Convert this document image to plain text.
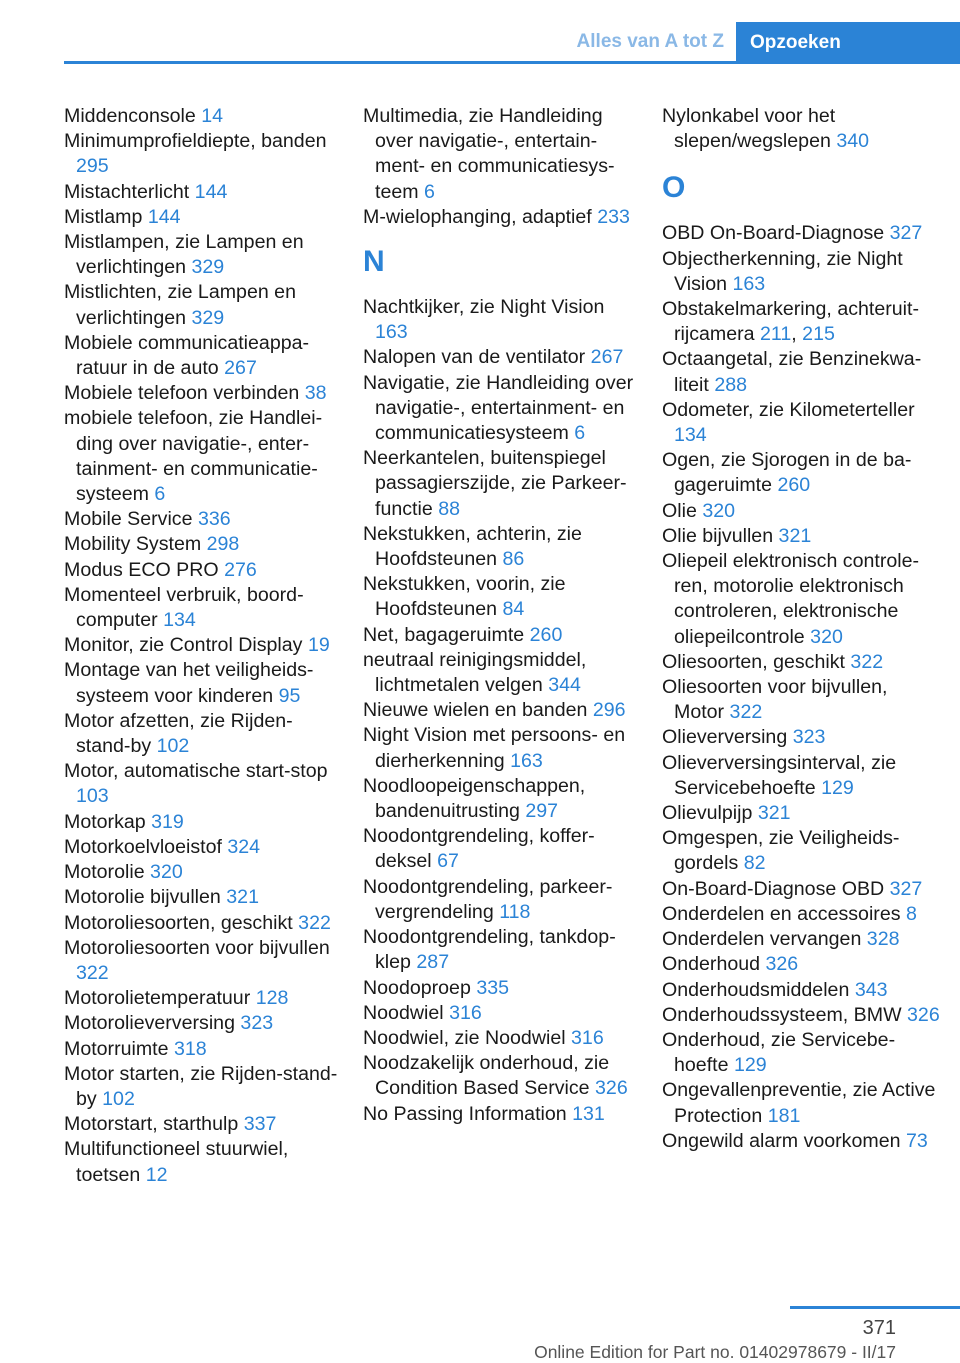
Alles van A tot Z	Opzoeken
Middenconsole 14
Minimumprofieldiepte, banden 295
Mistachterlicht 144
Mistlamp 144
Mistlampen, zie Lampen en verlichtingen 329
Mistlichten, zie Lampen en verlichtingen 329
Mobiele communicatieapparatuur in de auto 267
Mobiele telefoon verbinden 38
mobiele telefoon, zie Handleiding over navigatie-, entertainment- en communicatiesysteem 6
Mobile Service 336
Mobility System 298
Modus ECO PRO 276
Momenteel verbruik, boordcomputer 134
Monitor, zie Control Display 19
Montage van het veiligheidssysteem voor kinderen 95
Motor afzetten, zie Rijden-stand-by 102
Motor, automatische start-stop 103
Motorkap 319
Motorkoelvloeistof 324
Motorolie 320
Motorolie bijvullen 321
Motoroliesoorten, geschikt 322
Motoroliesoorten voor bijvullen 322
Motorolietemperatuur 128
Motorolieverversing 323
Motorruimte 318
Motor starten, zie Rijden-stand-by 102
Motorstart, starthulp 337
Multifunctioneel stuurwiel, toetsen 12
Multimedia, zie Handleiding over navigatie-, entertainment- en communicatiesysteem 6
M-wielophanging, adaptief 233
N
Nachtkijker, zie Night Vision 163
Nalopen van de ventilator 267
Navigatie, zie Handleiding over navigatie-, entertainment- en communicatiesysteem 6
Neerkantelen, buitenspiegel passagierszijde, zie Parkeerfunctie 88
Nekstukken, achterin, zie Hoofdsteunen 86
Nekstukken, voorin, zie Hoofdsteunen 84
Net, bagageruimte 260
neutraal reinigingsmiddel, lichtmetalen velgen 344
Nieuwe wielen en banden 296
Night Vision met persoons- en dierherkenning 163
Noodloopeigenschappen, bandenuitrusting 297
Noodontgrendeling, kofferdeksel 67
Noodontgrendeling, parkeervergrendeling 118
Noodontgrendeling, tankdopklep 287
Noodoproep 335
Noodwiel 316
Noodwiel, zie Noodwiel 316
Noodzakelijk onderhoud, zie Condition Based Service 326
No Passing Information 131
Nylonkabel voor het slepen/wegslepen 340
O
OBD On-Board-Diagnose 327
Objectherkenning, zie Night Vision 163
Obstakelmarkering, achteruitrijcamera 211, 215
Octaangetal, zie Benzinekwaliteit 288
Odometer, zie Kilometerteller 134
Ogen, zie Sjorogen in de bagageruimte 260
Olie 320
Olie bijvullen 321
Oliepeil elektronisch controleren, motorolie elektronisch controleren, elektronische oliepeilcontrole 320
Oliesoorten, geschikt 322
Oliesoorten voor bijvullen, Motor 322
Olieverversing 323
Olieverversingsinterval, zie Servicebehoefte 129
Olievulpijp 321
Omgespen, zie Veiligheidsgordels 82
On-Board-Diagnose OBD 327
Onderdelen en accessoires 8
Onderdelen vervangen 328
Onderhoud 326
Onderhoudsmiddelen 343
Onderhoudssysteem, BMW 326
Onderhoud, zie Servicebehoefte 129
Ongevallenpreventie, zie Active Protection 181
Ongewild alarm voorkomen 73
371
Online Edition for Part no. 01402978679 - II/17
